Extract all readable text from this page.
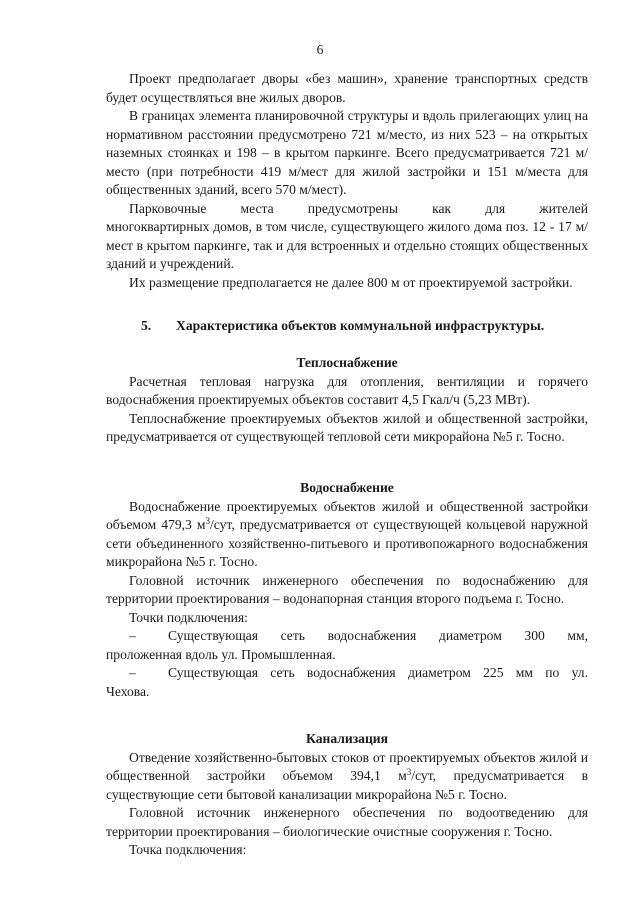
6

Проект предполагает дворы «без машин», хранение транспортных средств будет осуществляться вне жилых дворов.

В границах элемента планировочной структуры и вдоль прилегающих улиц на нормативном расстоянии предусмотрено 721 м/место, из них 523 – на открытых наземных стоянках и 198 – в крытом паркинге. Всего предусматривается 721 м/место (при потребности 419 м/мест для жилой застройки и 151 м/места для общественных зданий, всего 570 м/мест).

Парковочные места предусмотрены как для жителей

многоквартирных домов, в том числе, существующего жилого дома поз. 12 - 17 м/мест в крытом паркинге, так и для встроенных и отдельно стоящих общественных зданий и учреждений.

Их размещение предполагается не далее 800 м от проектируемой застройки.

5. Характеристика объектов коммунальной инфраструктуры.

Теплоснабжение

Расчетная тепловая нагрузка для отопления, вентиляции и горячего водоснабжения проектируемых объектов составит 4,5 Гкал/ч (5,23 МВт).

Теплоснабжение проектируемых объектов жилой и общественной застройки, предусматривается от существующей тепловой сети микрорайона №5 г. Тосно.

Водоснабжение

Водоснабжение проектируемых объектов жилой и общественной застройки объемом 479,3 $м^3$/сут, предусматривается от существующей кольцевой наружной сети объединенного хозяйственно-питьевого и противопожарного водоснабжения микрорайона №5 г. Тосно.

Головной источник инженерного обеспечения по водоснабжению для территории проектирования – водонапорная станция второго подъема г. Тосно.

Точки подключения:

–	Существующая сеть водоснабжения диаметром 300 мм,

проложенная вдоль ул. Промышленная.

–	Существующая сеть водоснабжения диаметром 225 мм по ул.

Чехова.

Канализация

Отведение хозяйственно-бытовых стоков от проектируемых объектов жилой и общественной застройки объемом 394,1 $м^3$/сут, предусматривается в существующие сети бытовой канализации микрорайона №5 г. Тосно.

Головной источник инженерного обеспечения по водоотведению для территории проектирования – биологические очистные сооружения г. Тосно.

Точка подключения:
